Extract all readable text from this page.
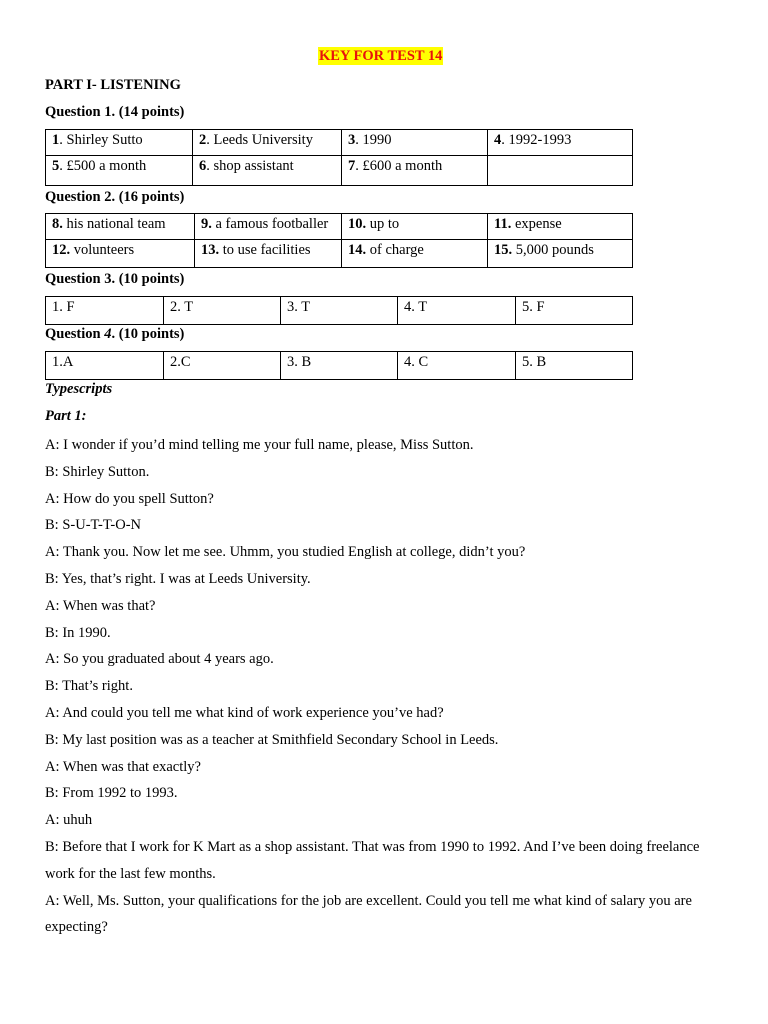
KEY FOR TEST 14
PART I- LISTENING
Question 1. (14 points)
1. Shirley Sutto	2. Leeds University	3. 1990	4. 1992-1993
5. £500 a month	6. shop assistant	7. £600 a month	
Question 2. (16 points)
8. his national team	9. a famous footballer	10. up to	11. expense
12. volunteers	13. to use facilities	14. of charge	15. 5,000 pounds
Question 3. (10 points)
1. F	2. T	3. T	4. T	5. F
Question 4. (10 points)
1.A	2.C	3. B	4. C	5. B
Typescripts
Part 1:

A: I wonder if you’d mind telling me your full name, please, Miss Sutton.

B: Shirley Sutton.

A: How do you spell Sutton?

B: S-U-T-T-O-N

A: Thank you. Now let me see. Uhmm, you studied English at college, didn’t you?

B: Yes, that’s right. I was at Leeds University.

A: When was that?

B: In 1990.

A: So you graduated about 4 years ago.

B: That’s right.

A: And could you tell me what kind of work experience you’ve had?

B: My last position was as a teacher at Smithfield Secondary School in Leeds.

A: When was that exactly?

B: From 1992 to 1993.

A: uhuh

B: Before that I work for K Mart as a shop assistant. That was from 1990 to 1992. And I’ve been doing freelance work for the last few months.

A: Well, Ms. Sutton, your qualifications for the job are excellent. Could you tell me what kind of salary you are expecting?
